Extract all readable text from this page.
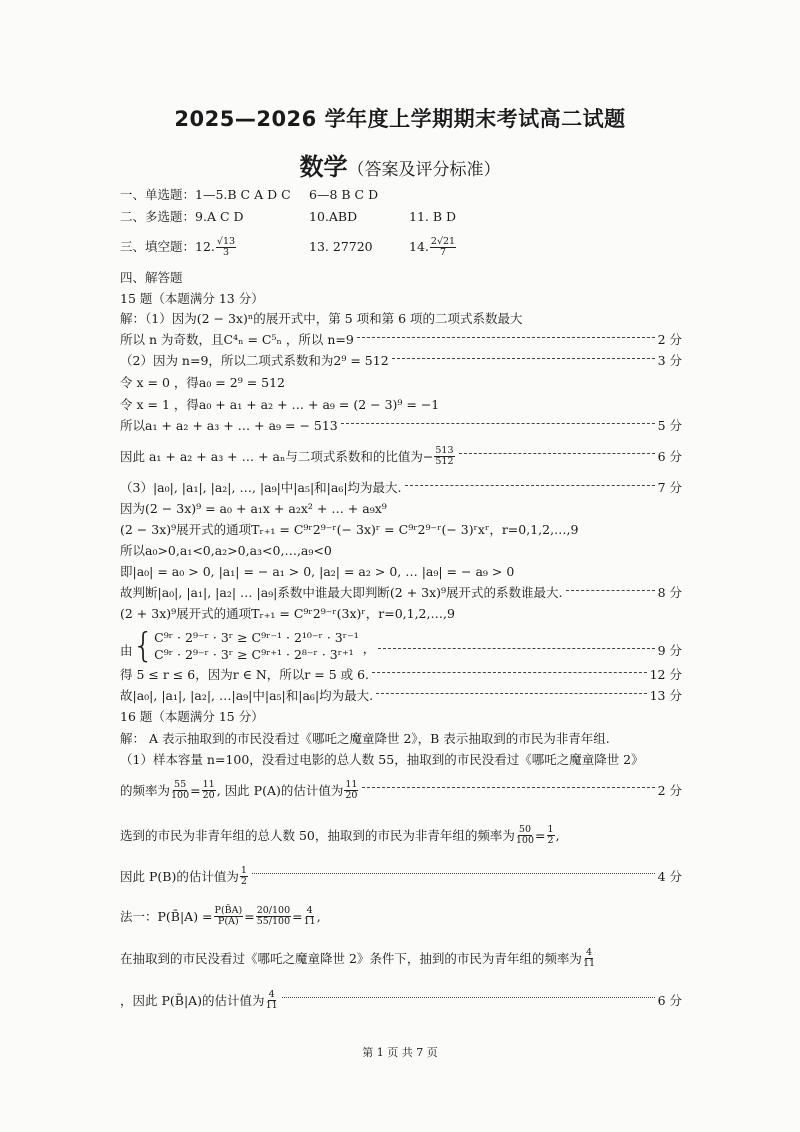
2025—2026 学年度上学期期末考试高二试题
数学（答案及评分标准）
一、单选题：1—5.B C A D C 6—8 B C D
二、多选题：9.A C D	10.ABD	11. B D
三、填空题：12. $\frac{√13}{3}$	13. 27720	14. $\frac{2√21}{7}$
四、解答题
15 题（本题满分 13 分）
解：（1）因为(2 − 3x)ⁿ的展开式中，第 5 项和第 6 项的二项式系数最大
所以 n 为奇数，且C⁴ₙ = C⁵ₙ ，所以 n=9	2 分
（2）因为 n=9，所以二项式系数和为2⁹ = 512	3 分
令 x = 0 ，得a₀ = 2⁹ = 512
令 x = 1 ，得a₀ + a₁ + a₂ + … + a₉ = (2 − 3)⁹ = −1
所以a₁ + a₂ + a₃ + … + a₉ = − 513	5 分
因此 a₁ + a₂ + a₃ + … + aₙ与二项式系数和的比值为− $\frac{513}{512}$	6 分
（3）|a₀|, |a₁|, |a₂|, …, |a₉|中|a₅|和|a₆|均为最大.	7 分
因为(2 − 3x)⁹ = a₀ + a₁x + a₂x² + … + a₉x⁹
(2 − 3x)⁹展开式的通项Tᵣ₊₁ = C⁹ʳ2⁹⁻ʳ(− 3x)ʳ = C⁹ʳ2⁹⁻ʳ(− 3)ʳxʳ，r=0,1,2,…,9
所以a₀>0,a₁<0,a₂>0,a₃<0,…,a₉<0
即|a₀| = a₀ > 0, |a₁| = − a₁ > 0, |a₂| = a₂ > 0, … |a₉| = − a₉ > 0
故判断|a₀|, |a₁|, |a₂| … |a₉|系数中谁最大即判断(2 + 3x)⁹展开式的系数谁最大.	8 分
(2 + 3x)⁹展开式的通项Tᵣ₊₁ = C⁹ʳ2⁹⁻ʳ(3x)ʳ，r=0,1,2,…,9
由 { C⁹ʳ · 2⁹⁻ʳ · 3ʳ ≥ C⁹ʳ⁻¹ · 2¹⁰⁻ʳ · 3ʳ⁻¹
C⁹ʳ · 2⁹⁻ʳ · 3ʳ ≥ C⁹ʳ⁺¹ · 2⁸⁻ʳ · 3ʳ⁺¹ ，	9 分
得 5 ≤ r ≤ 6，因为r ∈ N，所以r = 5 或 6.	12 分
故|a₀|, |a₁|, |a₂|, …|a₉|中|a₅|和|a₆|均为最大.	13 分
16 题（本题满分 15 分）
解： A 表示抽取到的市民没看过《哪吒之魔童降世 2》，B 表示抽取到的市民为非青年组.
（1）样本容量 n=100，没看过电影的总人数 55，抽取到的市民没看过《哪吒之魔童降世 2》
的频率为 $\frac{55}{100} = \frac{11}{20}$ , 因此 P(A)的估计值为 $\frac{11}{20}$	2 分
选到的市民为非青年组的总人数 50，抽取到的市民为非青年组的频率为 $\frac{50}{100} = \frac{1}{2}$ ,
因此 P(B)的估计值为 $\frac{1}{2}$	4 分
法一：P(B̄|A) = $\frac{P(B̄A)}{P(A)} = \frac{20/100}{55/100} = \frac{4}{11}$ ,
在抽取到的市民没看过《哪吒之魔童降世 2》条件下，抽到的市民为青年组的频率为 $\frac{4}{11}$
，因此 P(B̄|A)的估计值为 $\frac{4}{11}$	6 分
第 1 页 共 7 页
